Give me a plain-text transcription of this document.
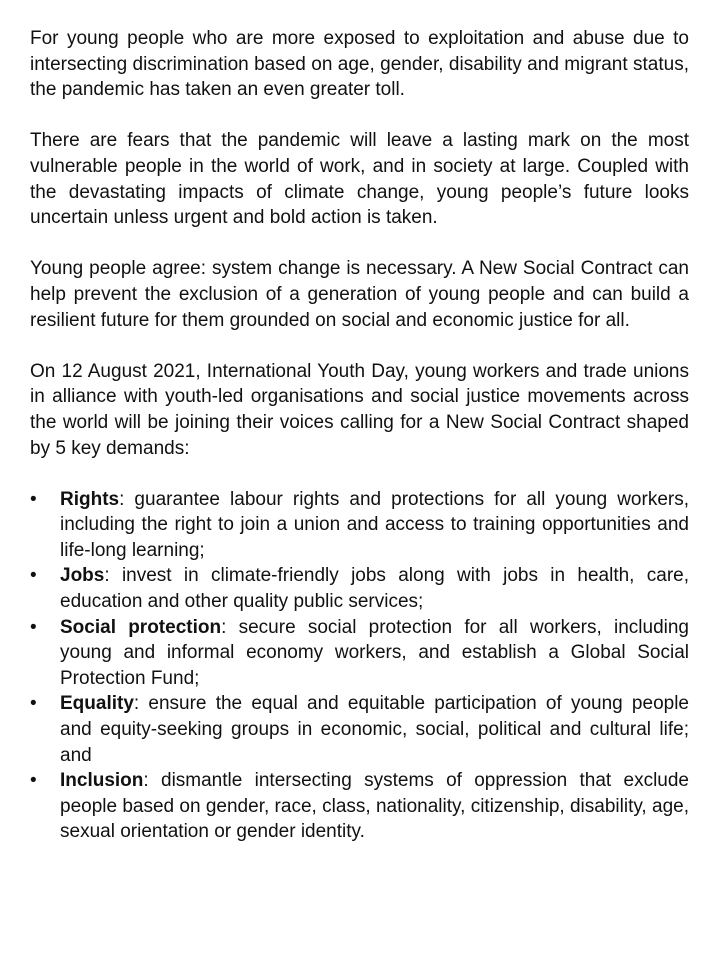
For young people who are more exposed to exploitation and abuse due to intersecting discrimination based on age, gender, disability and migrant status, the pandemic has taken an even greater toll.

There are fears that the pandemic will leave a lasting mark on the most vulnerable people in the world of work, and in society at large. Coupled with the devastating impacts of climate change, young people’s future looks uncertain unless urgent and bold action is taken.

Young people agree: system change is necessary. A New Social Contract can help prevent the exclusion of a generation of young people and can build a resilient future for them grounded on social and economic justice for all.

On 12 August 2021, International Youth Day, young workers and trade unions in alliance with youth-led organisations and social justice movements across the world will be joining their voices calling for a New Social Contract shaped by 5 key demands:

•	Rights: guarantee labour rights and protections for all young workers, including the right to join a union and access to training opportunities and life-long learning;
•	Jobs: invest in climate-friendly jobs along with jobs in health, care, education and other quality public services;
•	Social protection: secure social protection for all workers, including young and informal economy workers, and establish a Global Social Protection Fund;
•	Equality: ensure the equal and equitable participation of young people and equity-seeking groups in economic, social, political and cultural life; and
•	Inclusion: dismantle intersecting systems of oppression that exclude people based on gender, race, class, nationality, citizenship, disability, age, sexual orientation or gender identity.
